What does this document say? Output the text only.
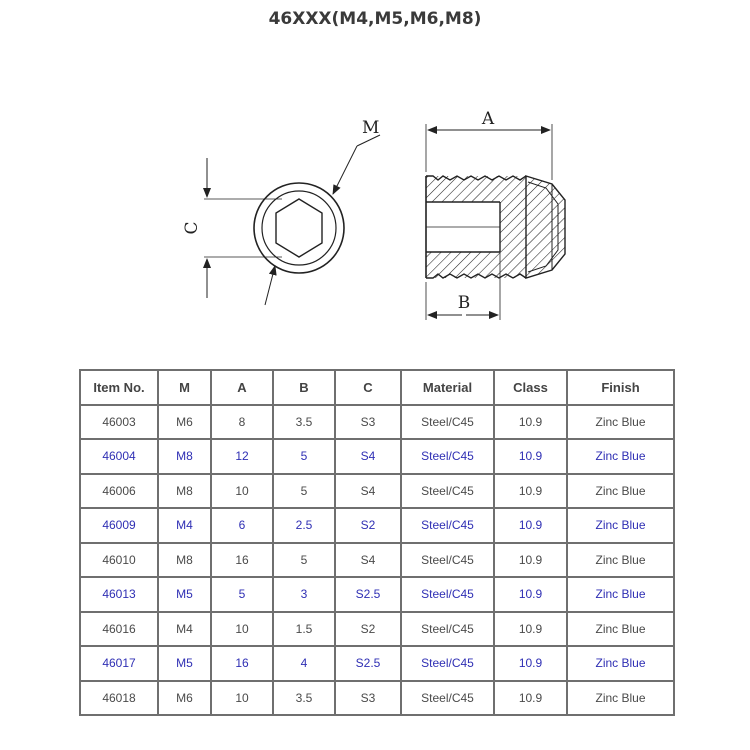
46XXX(M4,M5,M6,M8)
M
C
A
B
Item No.	M	A	B	C	Material	Class	Finish
46003	M6	8	3.5	S3	Steel/C45	10.9	Zinc Blue
46004	M8	12	5	S4	Steel/C45	10.9	Zinc Blue
46006	M8	10	5	S4	Steel/C45	10.9	Zinc Blue
46009	M4	6	2.5	S2	Steel/C45	10.9	Zinc Blue
46010	M8	16	5	S4	Steel/C45	10.9	Zinc Blue
46013	M5	5	3	S2.5	Steel/C45	10.9	Zinc Blue
46016	M4	10	1.5	S2	Steel/C45	10.9	Zinc Blue
46017	M5	16	4	S2.5	Steel/C45	10.9	Zinc Blue
46018	M6	10	3.5	S3	Steel/C45	10.9	Zinc Blue
